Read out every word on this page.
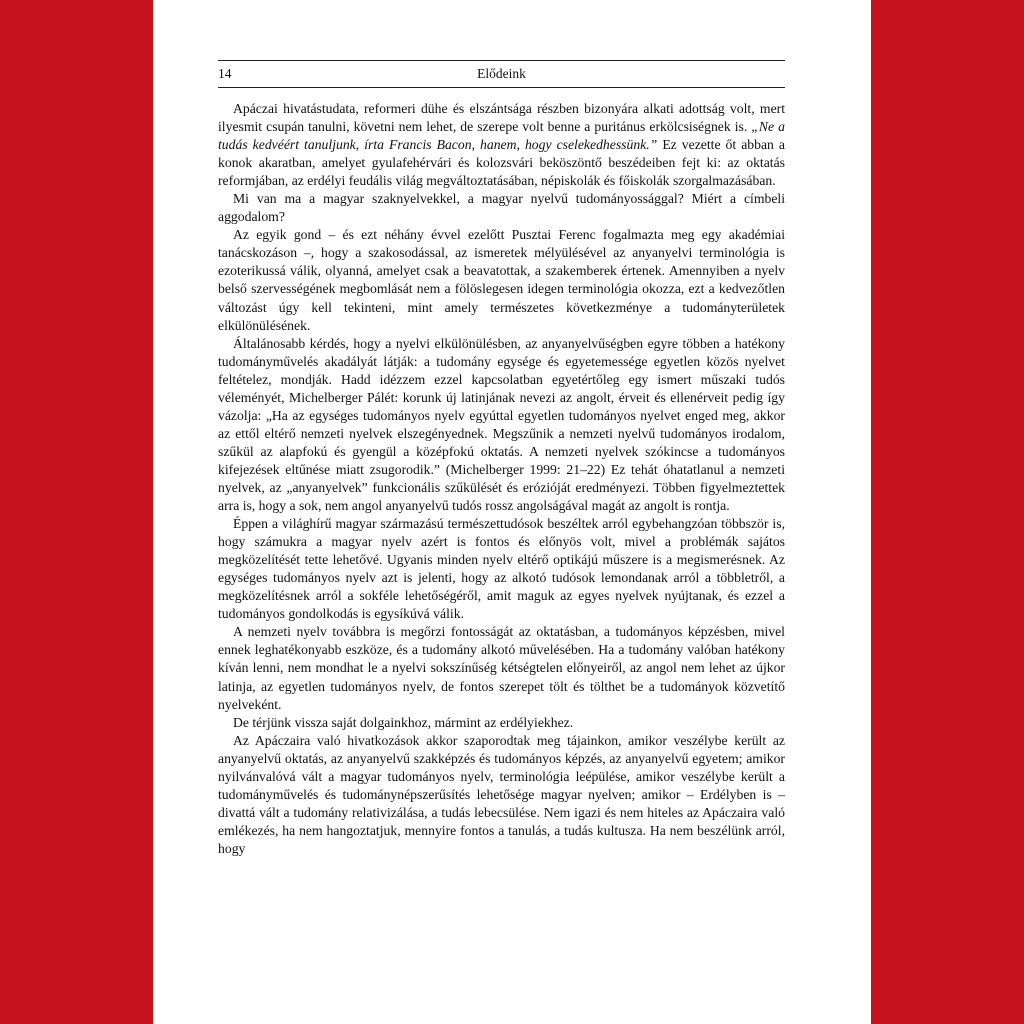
14	Elődeink

Apáczai hivatástudata, reformeri dühe és elszántsága részben bizonyára alkati adottság volt, mert ilyesmit csupán tanulni, követni nem lehet, de szerepe volt benne a puritánus erkölcsiségnek is. „Ne a tudás kedvéért tanuljunk, írta Francis Bacon, hanem, hogy cselekedhessünk.” Ez vezette őt abban a konok akaratban, amelyet gyulafehérvári és kolozsvári beköszöntő beszédeiben fejt ki: az oktatás reformjában, az erdélyi feudális világ megváltoztatásában, népiskolák és főiskolák szorgalmazásában.

Mi van ma a magyar szaknyelvekkel, a magyar nyelvű tudományossággal? Miért a címbeli aggodalom?

Az egyik gond – és ezt néhány évvel ezelőtt Pusztai Ferenc fogalmazta meg egy akadémiai tanácskozáson –, hogy a szakosodással, az ismeretek mélyülésével az anyanyelvi terminológia is ezoterikussá válik, olyanná, amelyet csak a beavatottak, a szakemberek értenek. Amennyiben a nyelv belső szervességének megbomlását nem a fölöslegesen idegen terminológia okozza, ezt a kedvezőtlen változást úgy kell tekinteni, mint amely természetes következménye a tudományterületek elkülönülésének.

Általánosabb kérdés, hogy a nyelvi elkülönülésben, az anyanyelvűségben egyre többen a hatékony tudományművelés akadályát látják: a tudomány egysége és egyetemessége egyetlen közös nyelvet feltételez, mondják. Hadd idézzem ezzel kapcsolatban egyetértőleg egy ismert műszaki tudós véleményét, Michelberger Pálét: korunk új latinjának nevezi az angolt, érveit és ellenérveit pedig így vázolja: „Ha az egységes tudományos nyelv egyúttal egyetlen tudományos nyelvet enged meg, akkor az ettől eltérő nemzeti nyelvek elszegényednek. Megszűnik a nemzeti nyelvű tudományos irodalom, szűkül az alapfokú és gyengül a középfokú oktatás. A nemzeti nyelvek szókincse a tudományos kifejezések eltűnése miatt zsugorodik.” (Michelberger 1999: 21–22) Ez tehát óhatatlanul a nemzeti nyelvek, az „anyanyelvek” funkcionális szűkülését és erózióját eredményezi. Többen figyelmeztettek arra is, hogy a sok, nem angol anyanyelvű tudós rossz angolságával magát az angolt is rontja.

Éppen a világhírű magyar származású természettudósok beszéltek arról egybehangzóan többször is, hogy számukra a magyar nyelv azért is fontos és előnyös volt, mivel a problémák sajátos megközelítését tette lehetővé. Ugyanis minden nyelv eltérő optikájú műszere is a megismerésnek. Az egységes tudományos nyelv azt is jelenti, hogy az alkotó tudósok lemondanak arról a többletről, a megközelítésnek arról a sokféle lehetőségéről, amit maguk az egyes nyelvek nyújtanak, és ezzel a tudományos gondolkodás is egysíkúvá válik.

A nemzeti nyelv továbbra is megőrzi fontosságát az oktatásban, a tudományos képzésben, mivel ennek leghatékonyabb eszköze, és a tudomány alkotó művelésében. Ha a tudomány valóban hatékony kíván lenni, nem mondhat le a nyelvi sokszínűség kétségtelen előnyeiről, az angol nem lehet az újkor latinja, az egyetlen tudományos nyelv, de fontos szerepet tölt és tölthet be a tudományok közvetítő nyelveként.

De térjünk vissza saját dolgainkhoz, mármint az erdélyiekhez.

Az Apáczaira való hivatkozások akkor szaporodtak meg tájainkon, amikor veszélybe került az anyanyelvű oktatás, az anyanyelvű szakképzés és tudományos képzés, az anyanyelvű egyetem; amikor nyilvánvalóvá vált a magyar tudományos nyelv, terminológia leépülése, amikor veszélybe került a tudományművelés és tudománynépszerűsítés lehetősége magyar nyelven; amikor – Erdélyben is – divattá vált a tudomány relativizálása, a tudás lebecsülése. Nem igazi és nem hiteles az Apáczaira való emlékezés, ha nem hangoztatjuk, mennyire fontos a tanulás, a tudás kultusza. Ha nem beszélünk arról, hogy
